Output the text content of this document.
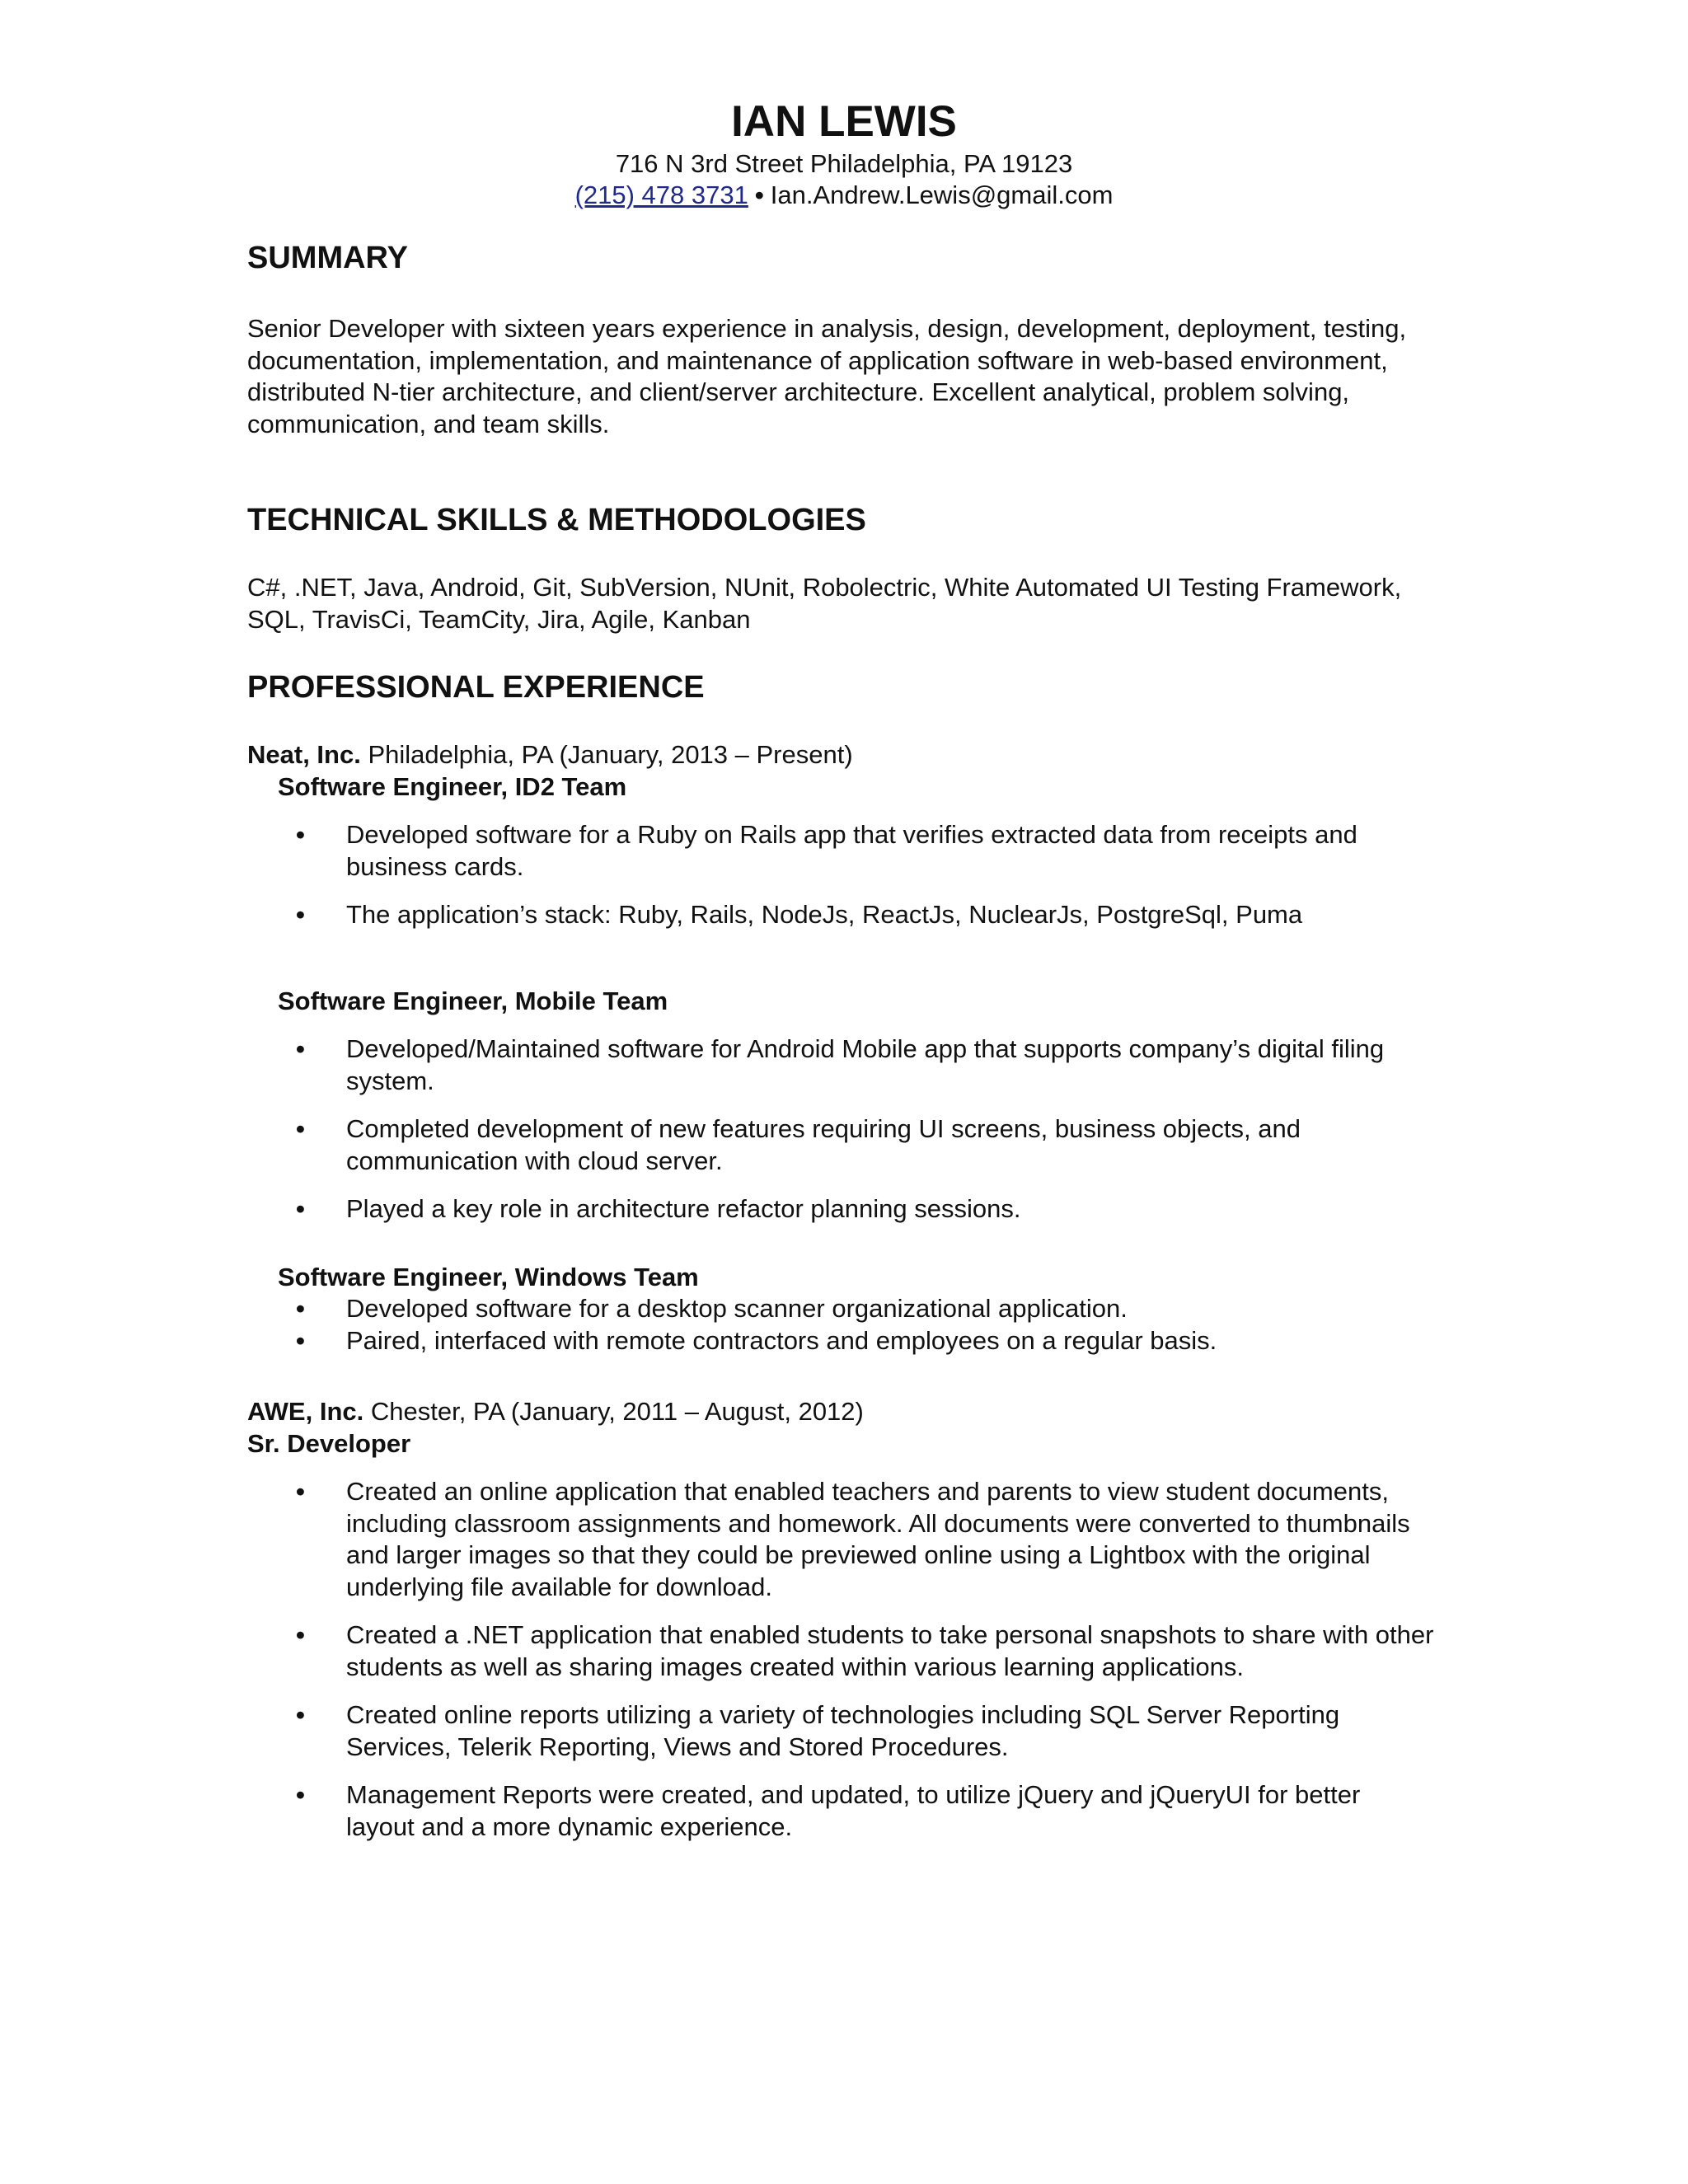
IAN LEWIS
716 N 3rd Street Philadelphia, PA 19123
(215) 478 3731 • Ian.Andrew.Lewis@gmail.com
SUMMARY

Senior Developer with sixteen years experience in analysis, design, development, deployment, testing, documentation, implementation, and maintenance of application software in web-based environment, distributed N-tier architecture, and client/server architecture. Excellent analytical, problem solving, communication, and team skills.

TECHNICAL SKILLS & METHODOLOGIES

C#, .NET, Java, Android, Git, SubVersion, NUnit, Robolectric, White Automated UI Testing Framework, SQL, TravisCi, TeamCity, Jira, Agile, Kanban

PROFESSIONAL EXPERIENCE

Neat, Inc. Philadelphia, PA (January, 2013 – Present)

Software Engineer, ID2 Team

• Developed software for a Ruby on Rails app that verifies extracted data from receipts and business cards.
• The application’s stack: Ruby, Rails, NodeJs, ReactJs, NuclearJs, PostgreSql, Puma

Software Engineer, Mobile Team

• Developed/Maintained software for Android Mobile app that supports company’s digital filing system.
• Completed development of new features requiring UI screens, business objects, and communication with cloud server.
• Played a key role in architecture refactor planning sessions.

Software Engineer, Windows Team

• Developed software for a desktop scanner organizational application.
• Paired, interfaced with remote contractors and employees on a regular basis.

AWE, Inc. Chester, PA (January, 2011 – August, 2012)

Sr. Developer

• Created an online application that enabled teachers and parents to view student documents, including classroom assignments and homework. All documents were converted to thumbnails and larger images so that they could be previewed online using a Lightbox with the original underlying file available for download.
• Created a .NET application that enabled students to take personal snapshots to share with other students as well as sharing images created within various learning applications.
• Created online reports utilizing a variety of technologies including SQL Server Reporting Services, Telerik Reporting, Views and Stored Procedures.
• Management Reports were created, and updated, to utilize jQuery and jQueryUI for better layout and a more dynamic experience.
